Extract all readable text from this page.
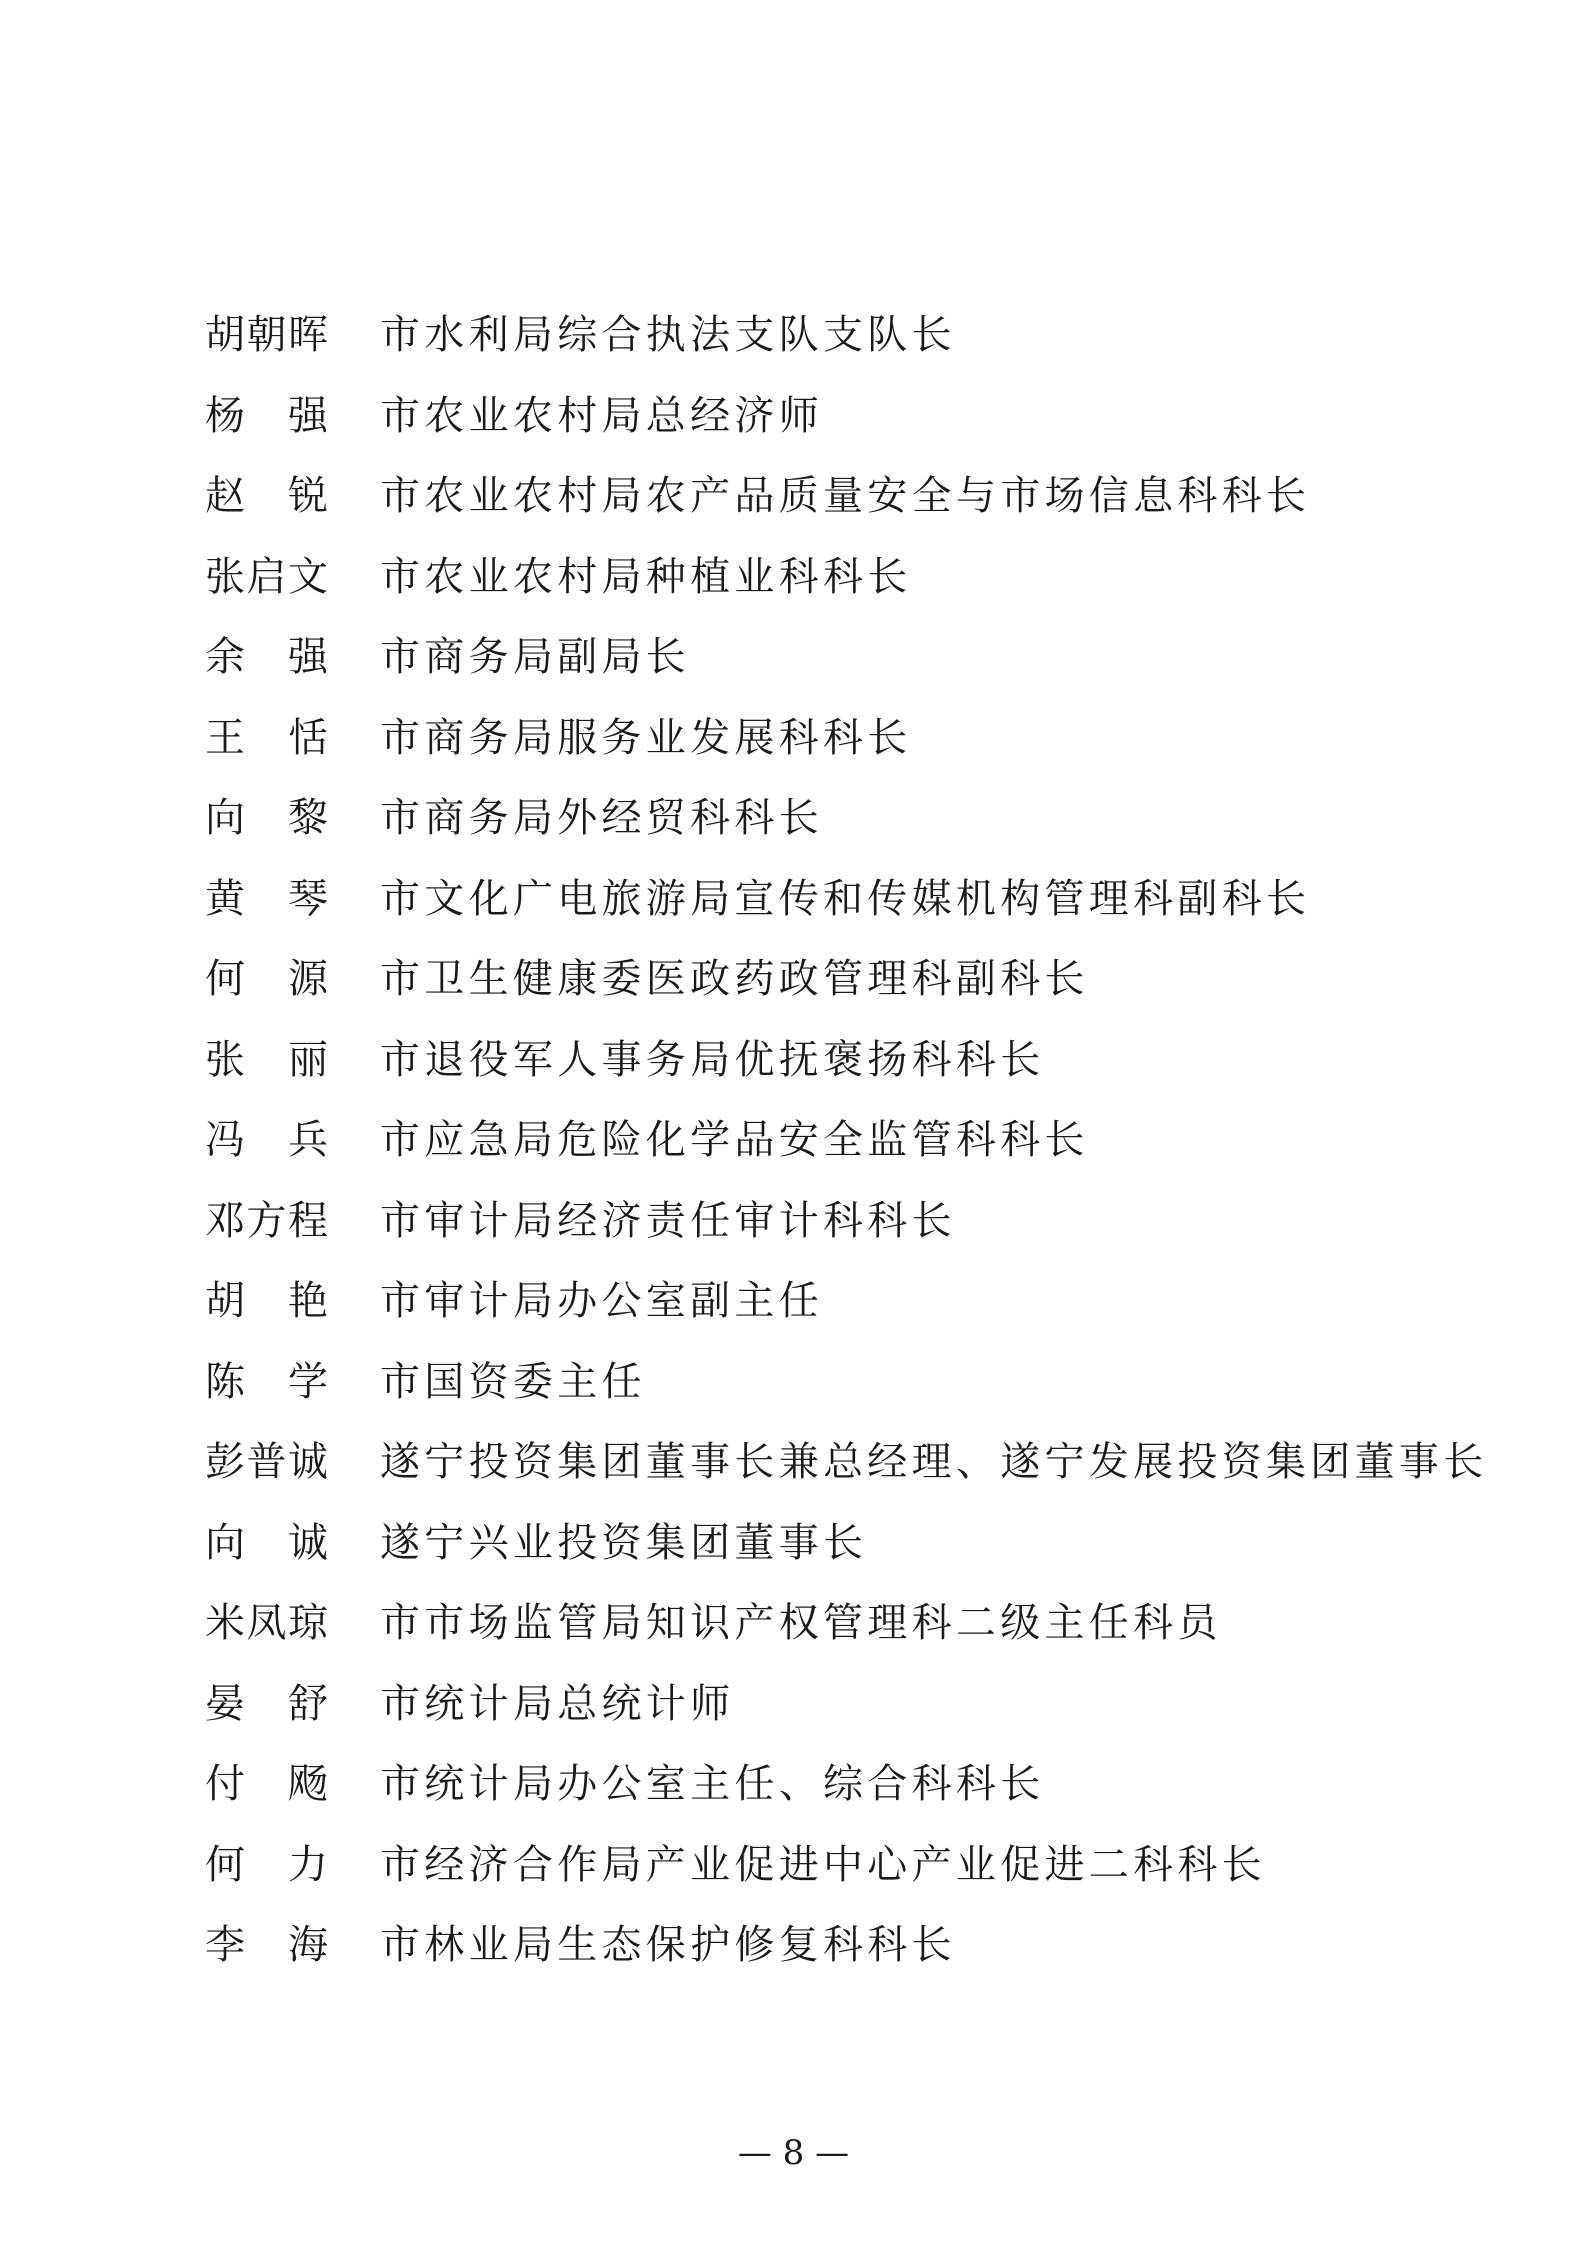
胡朝晖 市水利局综合执法支队支队长
杨强 市农业农村局总经济师
赵锐 市农业农村局农产品质量安全与市场信息科科长
张启文 市农业农村局种植业科科长
余强 市商务局副局长
王恬 市商务局服务业发展科科长
向黎 市商务局外经贸科科长
黄琴 市文化广电旅游局宣传和传媒机构管理科副科长
何源 市卫生健康委医政药政管理科副科长
张丽 市退役军人事务局优抚褒扬科科长
冯兵 市应急局危险化学品安全监管科科长
邓方程 市审计局经济责任审计科科长
胡艳 市审计局办公室副主任
陈学 市国资委主任
彭普诚 遂宁投资集团董事长兼总经理、遂宁发展投资集团董事长
向诚 遂宁兴业投资集团董事长
米凤琼 市市场监管局知识产权管理科二级主任科员
晏舒 市统计局总统计师
付飏 市统计局办公室主任、综合科科长
何力 市经济合作局产业促进中心产业促进二科科长
李海 市林业局生态保护修复科科长
— 8 —
